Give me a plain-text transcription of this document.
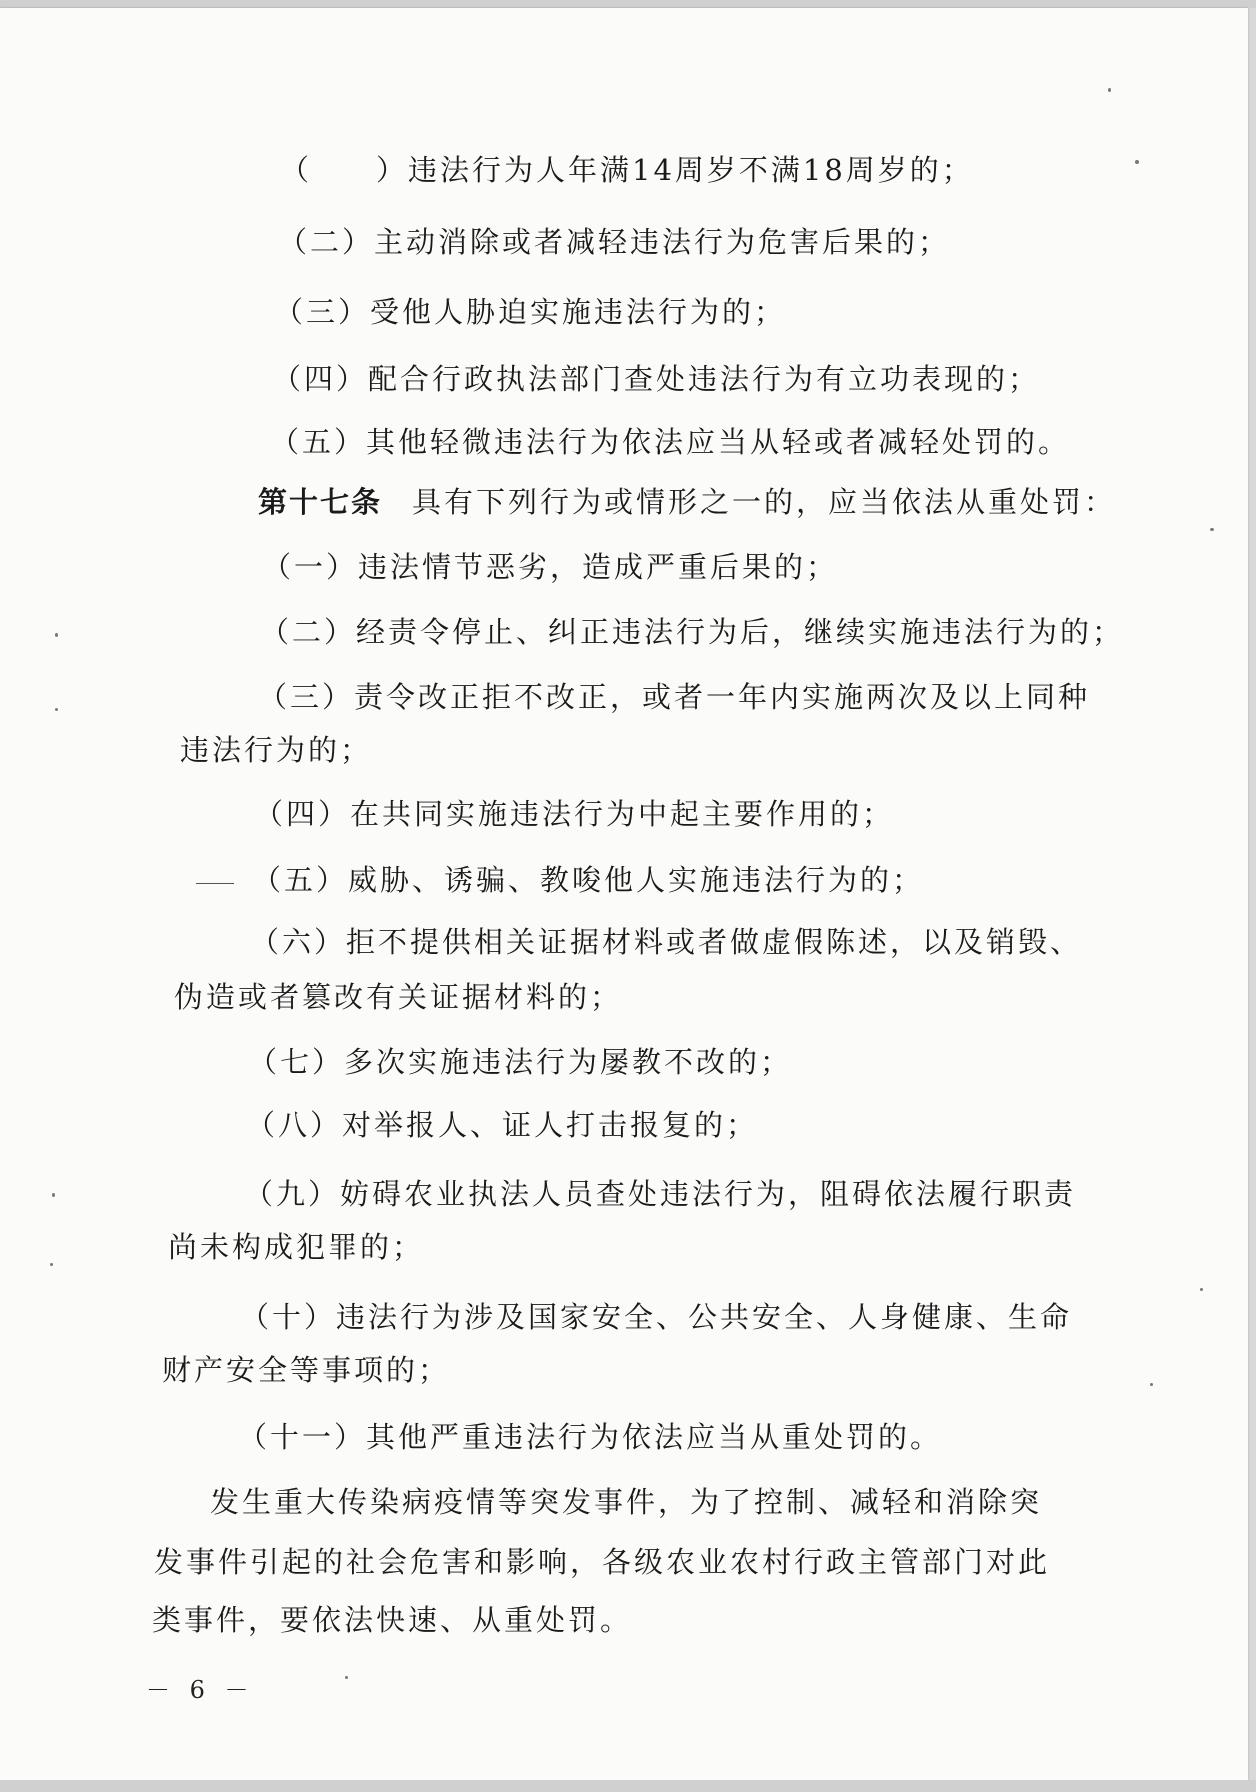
（　　）违法行为人年满14周岁不满18周岁的；
（二）主动消除或者减轻违法行为危害后果的；
（三）受他人胁迫实施违法行为的；
（四）配合行政执法部门查处违法行为有立功表现的；
（五）其他轻微违法行为依法应当从轻或者减轻处罚的。
第十七条 具有下列行为或情形之一的，应当依法从重处罚：
（一）违法情节恶劣，造成严重后果的；
（二）经责令停止、纠正违法行为后，继续实施违法行为的；
（三）责令改正拒不改正，或者一年内实施两次及以上同种
违法行为的；
（四）在共同实施违法行为中起主要作用的；
（五）威胁、诱骗、教唆他人实施违法行为的；
（六）拒不提供相关证据材料或者做虚假陈述，以及销毁、
伪造或者篡改有关证据材料的；
（七）多次实施违法行为屡教不改的；
（八）对举报人、证人打击报复的；
（九）妨碍农业执法人员查处违法行为，阻碍依法履行职责
尚未构成犯罪的；
（十）违法行为涉及国家安全、公共安全、人身健康、生命
财产安全等事项的；
（十一）其他严重违法行为依法应当从重处罚的。
发生重大传染病疫情等突发事件，为了控制、减轻和消除突
发事件引起的社会危害和影响，各级农业农村行政主管部门对此
类事件，要依法快速、从重处罚。
－ 6 －
